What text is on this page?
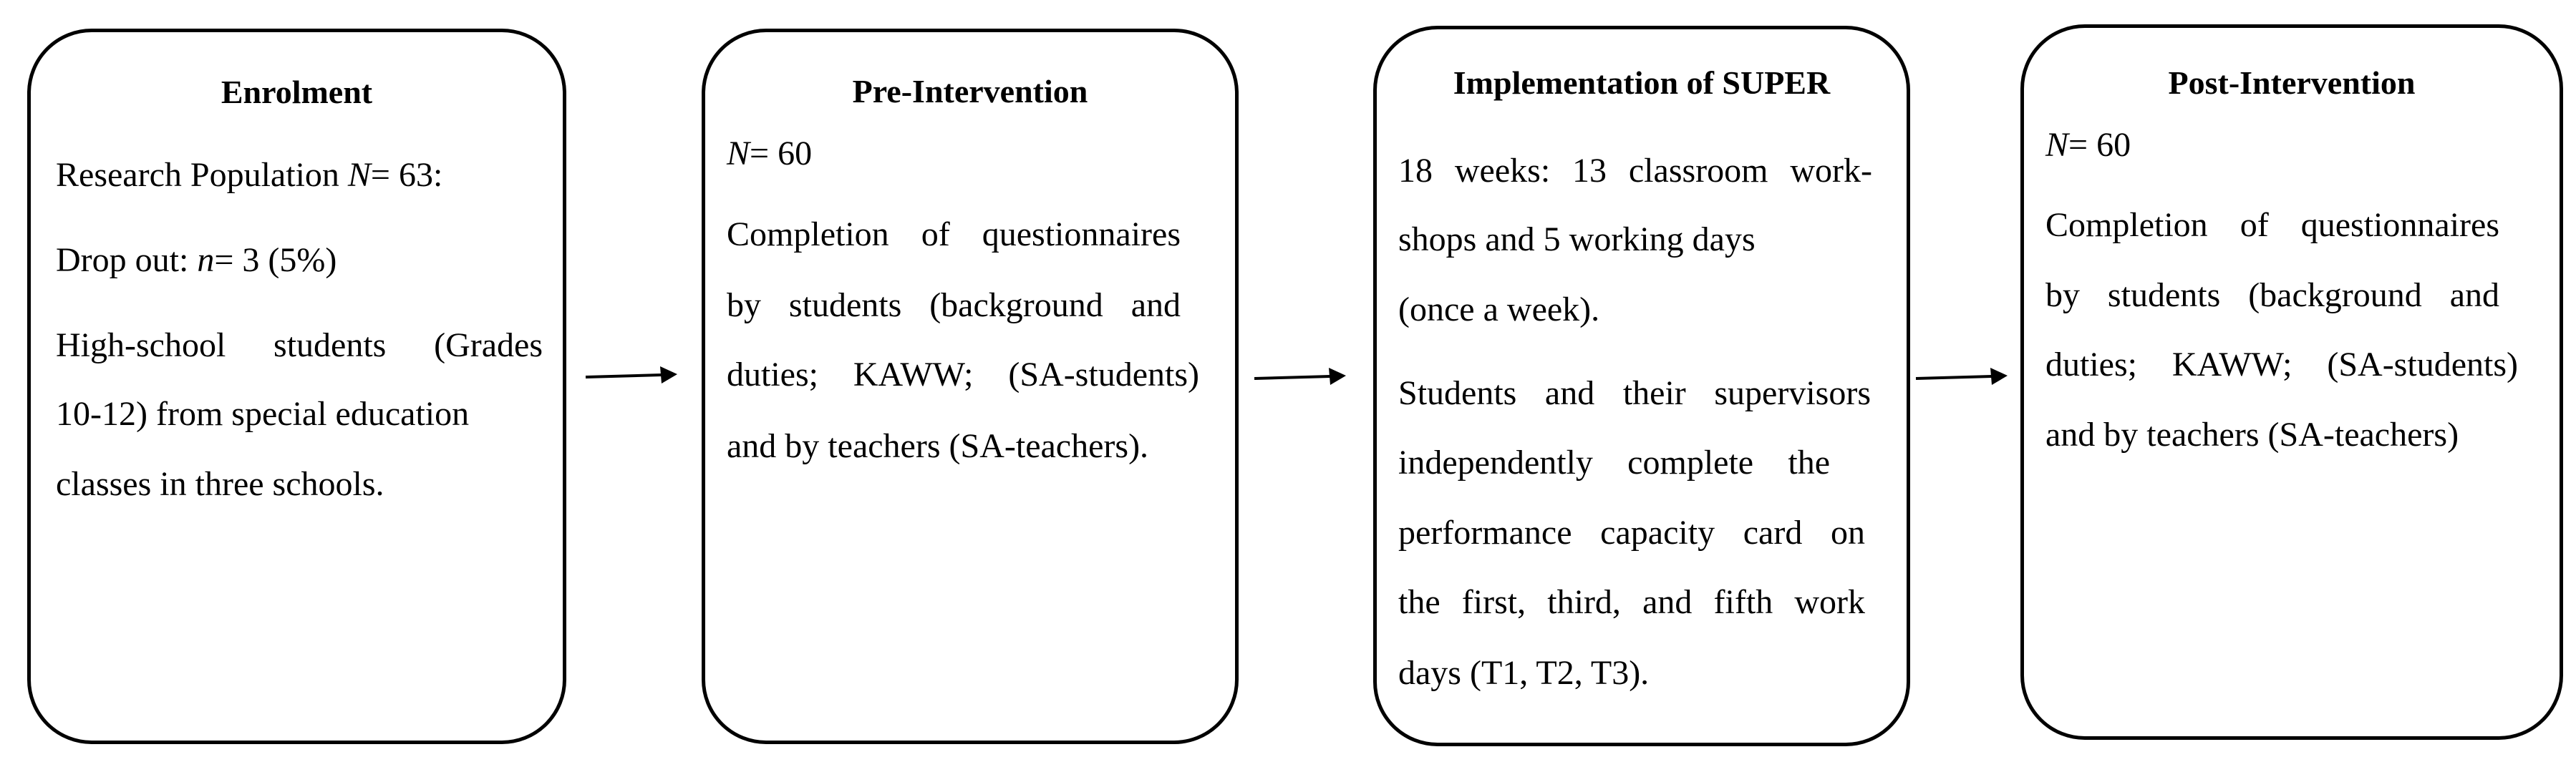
Enrolment
Research Population N= 63:
Drop out: n= 3 (5%)
High-school students (Grades
10-12) from special education
classes in three schools.
Pre-Intervention
N= 60
Completion of questionnaires
by students (background and
duties; KAWW; (SA-students)
and by teachers (SA-teachers).
Implementation of SUPER
18 weeks: 13 classroom work-
shops and 5 working days
(once a week).
Students and their supervisors
independently complete the
performance capacity card on
the first, third, and fifth work
days (T1, T2, T3).
Post-Intervention
N= 60
Completion of questionnaires
by students (background and
duties; KAWW; (SA-students)
and by teachers (SA-teachers)
